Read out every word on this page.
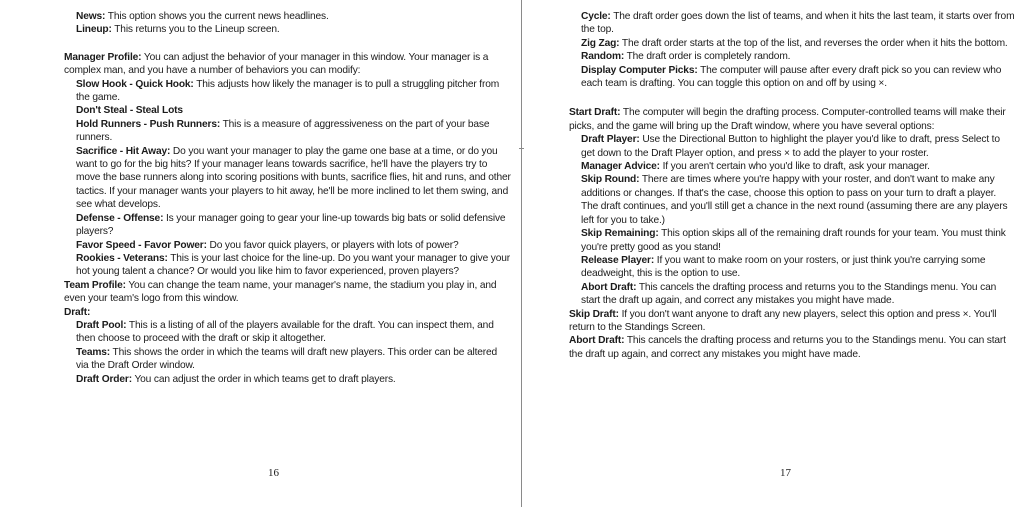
News: This option shows you the current news headlines.

Lineup: This returns you to the Lineup screen.

Manager Profile: You can adjust the behavior of your manager in this window. Your manager is a complex man, and you have a number of behaviors you can modify:

Slow Hook - Quick Hook: This adjusts how likely the manager is to pull a struggling pitcher from the game.

Don't Steal - Steal Lots

Hold Runners - Push Runners: This is a measure of aggressiveness on the part of your base runners.

Sacrifice - Hit Away: Do you want your manager to play the game one base at a time, or do you want to go for the big hits? If your manager leans towards sacrifice, he'll have the players try to move the base runners along into scoring positions with bunts, sacrifice flies, hit and runs, and other tactics. If your manager wants your players to hit away, he'll be more inclined to let them swing, and see what develops.

Defense - Offense: Is your manager going to gear your line-up towards big bats or solid defensive players?

Favor Speed - Favor Power: Do you favor quick players, or players with lots of power?

Rookies - Veterans: This is your last choice for the line-up. Do you want your manager to give your hot young talent a chance? Or would you like him to favor experienced, proven players?

Team Profile: You can change the team name, your manager's name, the stadium you play in, and even your team's logo from this window.

Draft:

Draft Pool: This is a listing of all of the players available for the draft. You can inspect them, and then choose to proceed with the draft or skip it altogether.

Teams: This shows the order in which the teams will draft new players. This order can be altered via the Draft Order window.

Draft Order: You can adjust the order in which teams get to draft players.

16

Cycle: The draft order goes down the list of teams, and when it hits the last team, it starts over from the top.

Zig Zag: The draft order starts at the top of the list, and reverses the order when it hits the bottom.

Random: The draft order is completely random.

Display Computer Picks: The computer will pause after every draft pick so you can review who each team is drafting. You can toggle this option on and off by using ×.

Start Draft: The computer will begin the drafting process. Computer-controlled teams will make their picks, and the game will bring up the Draft window, where you have several options:

Draft Player: Use the Directional Button to highlight the player you'd like to draft, press Select to get down to the Draft Player option, and press × to add the player to your roster.

Manager Advice: If you aren't certain who you'd like to draft, ask your manager.

Skip Round: There are times where you're happy with your roster, and don't want to make any additions or changes. If that's the case, choose this option to pass on your turn to draft a player. The draft continues, and you'll still get a chance in the next round (assuming there are any players left for you to take.)

Skip Remaining: This option skips all of the remaining draft rounds for your team. You must think you're pretty good as you stand!

Release Player: If you want to make room on your rosters, or just think you're carrying some deadweight, this is the option to use.

Abort Draft: This cancels the drafting process and returns you to the Standings menu. You can start the draft up again, and correct any mistakes you might have made.

Skip Draft: If you don't want anyone to draft any new players, select this option and press ×. You'll return to the Standings Screen.

Abort Draft: This cancels the drafting process and returns you to the Standings menu. You can start the draft up again, and correct any mistakes you might have made.

17
